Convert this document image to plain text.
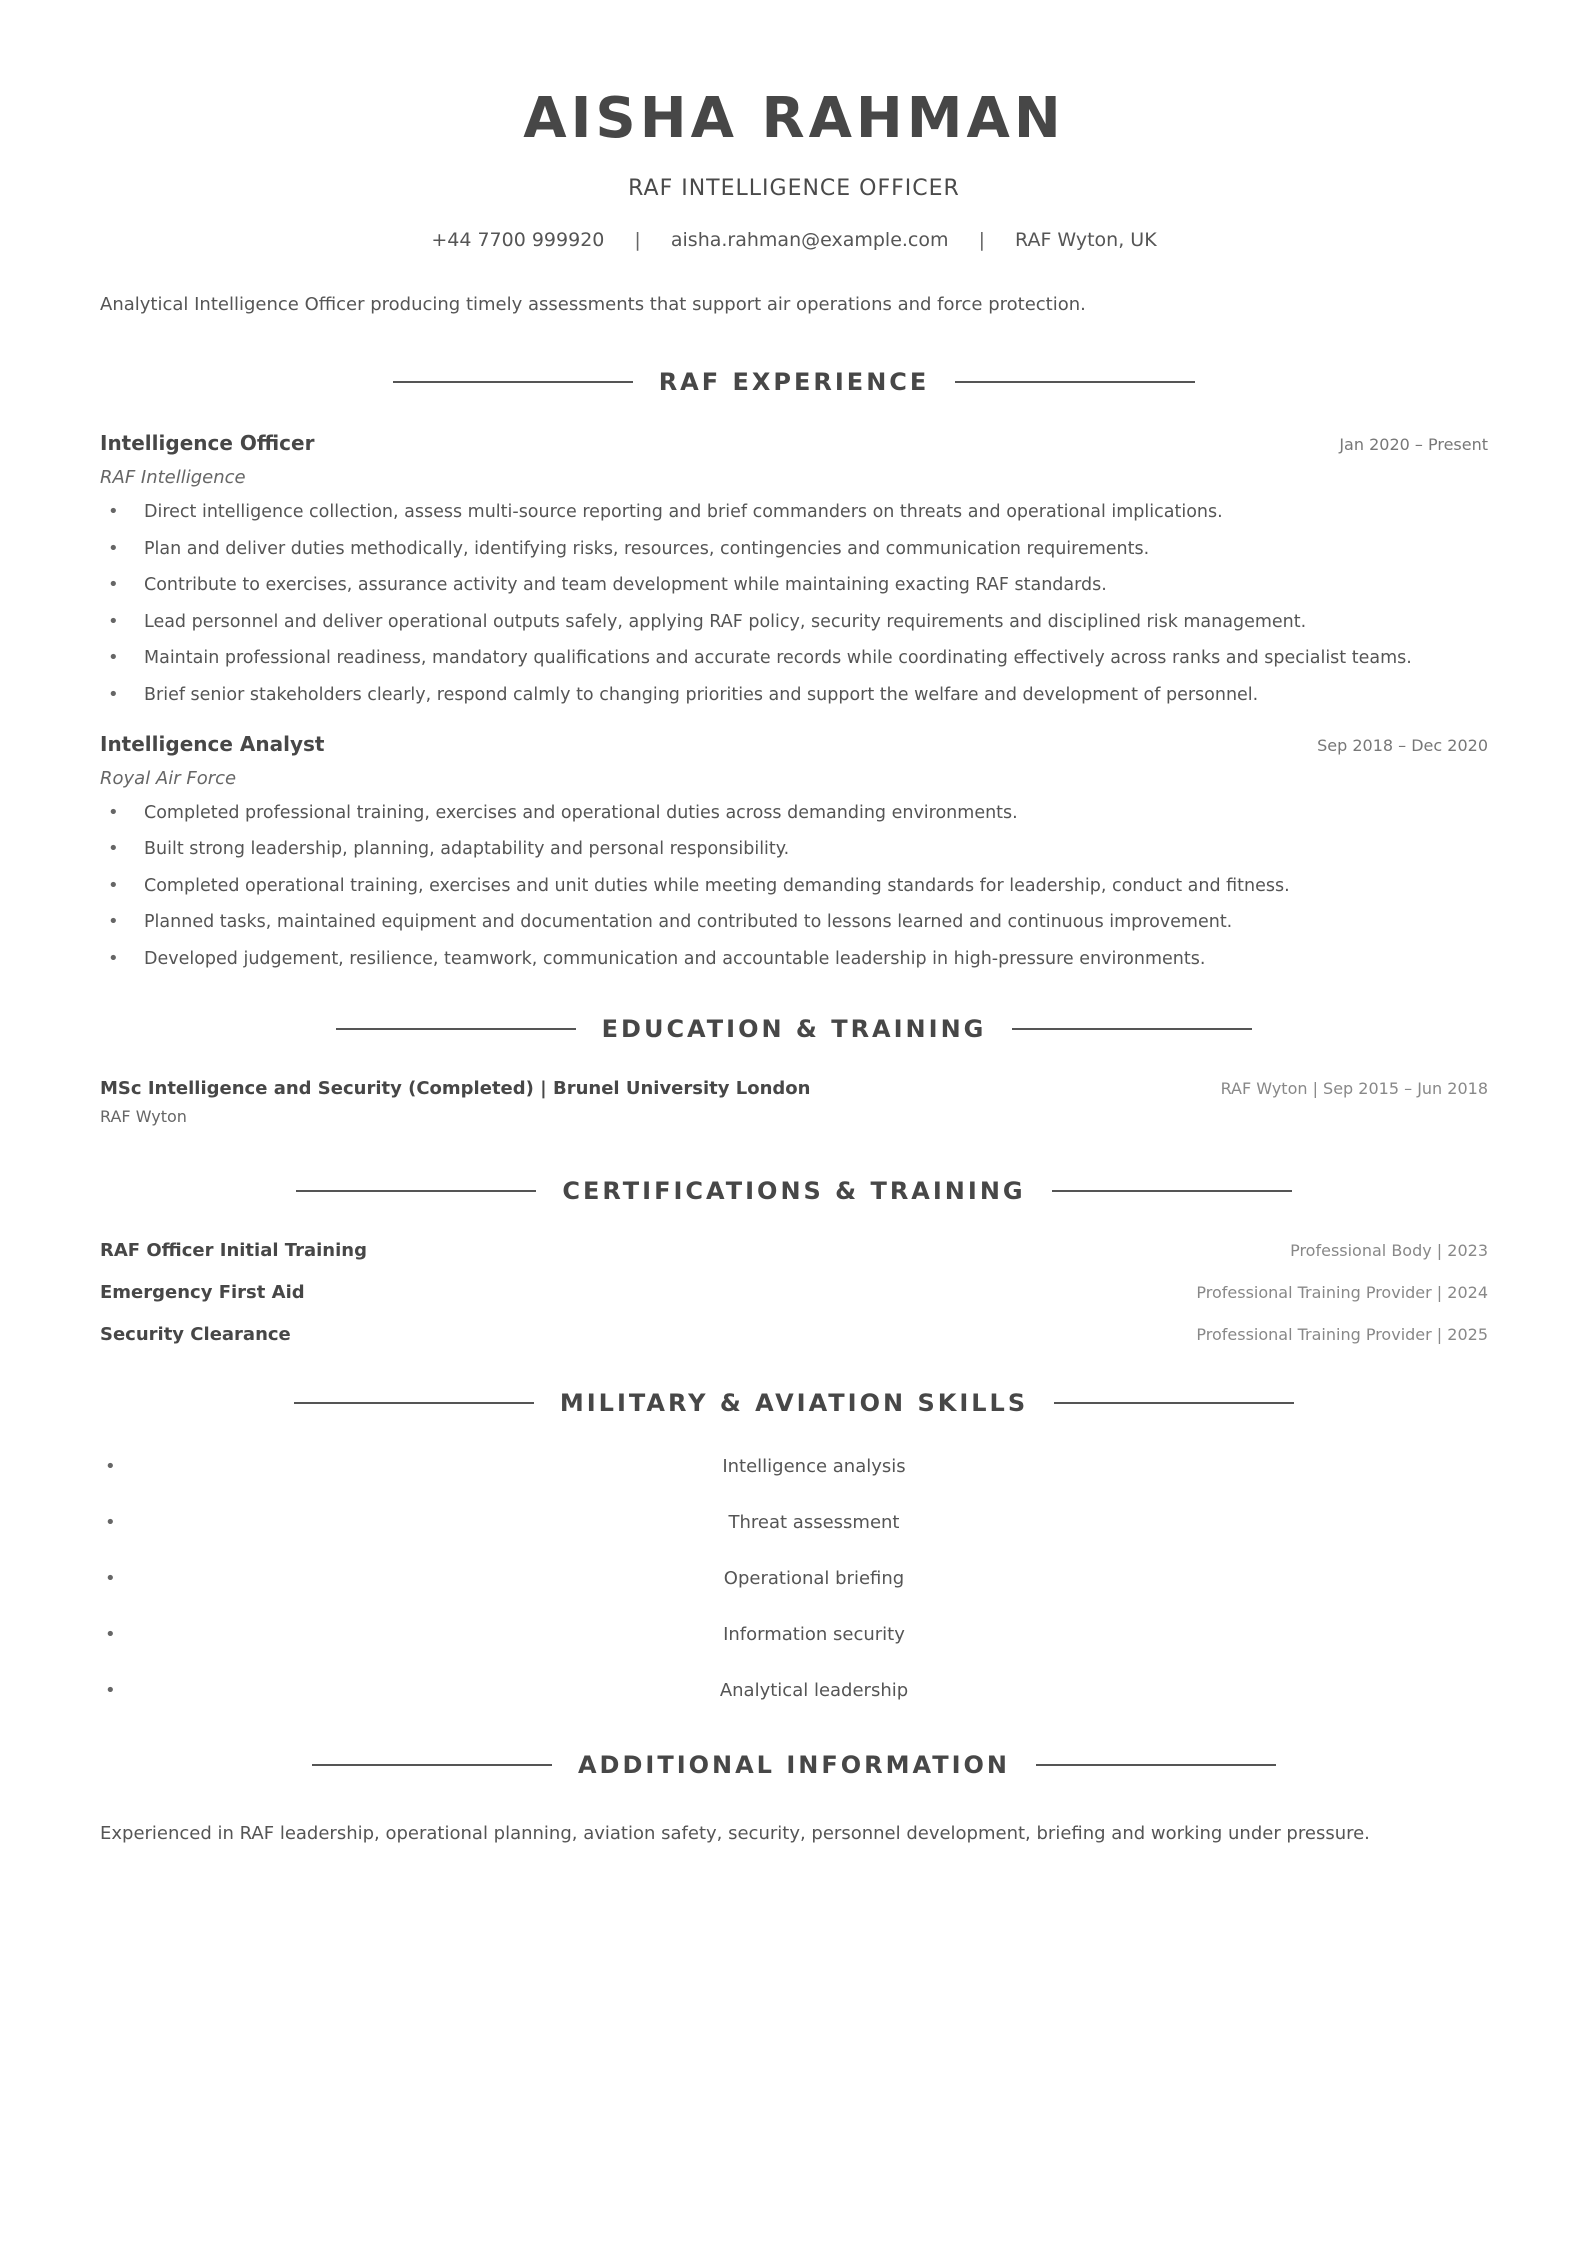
AISHA RAHMAN
RAF INTELLIGENCE OFFICER
+44 7700 999920 | aisha.rahman@example.com | RAF Wyton, UK
Analytical Intelligence Officer producing timely assessments that support air operations and force protection.
RAF EXPERIENCE
Intelligence Officer	Jan 2020 – Present
RAF Intelligence
• Direct intelligence collection, assess multi-source reporting and brief commanders on threats and operational implications.
• Plan and deliver duties methodically, identifying risks, resources, contingencies and communication requirements.
• Contribute to exercises, assurance activity and team development while maintaining exacting RAF standards.
• Lead personnel and deliver operational outputs safely, applying RAF policy, security requirements and disciplined risk management.
• Maintain professional readiness, mandatory qualifications and accurate records while coordinating effectively across ranks and specialist teams.
• Brief senior stakeholders clearly, respond calmly to changing priorities and support the welfare and development of personnel.
Intelligence Analyst	Sep 2018 – Dec 2020
Royal Air Force
• Completed professional training, exercises and operational duties across demanding environments.
• Built strong leadership, planning, adaptability and personal responsibility.
• Completed operational training, exercises and unit duties while meeting demanding standards for leadership, conduct and fitness.
• Planned tasks, maintained equipment and documentation and contributed to lessons learned and continuous improvement.
• Developed judgement, resilience, teamwork, communication and accountable leadership in high-pressure environments.
EDUCATION & TRAINING
MSc Intelligence and Security (Completed) | Brunel University London	RAF Wyton | Sep 2015 – Jun 2018
RAF Wyton
CERTIFICATIONS & TRAINING
RAF Officer Initial Training	Professional Body | 2023
Emergency First Aid	Professional Training Provider | 2024
Security Clearance	Professional Training Provider | 2025
MILITARY & AVIATION SKILLS
• Intelligence analysis
• Threat assessment
• Operational briefing
• Information security
• Analytical leadership
ADDITIONAL INFORMATION
Experienced in RAF leadership, operational planning, aviation safety, security, personnel development, briefing and working under pressure.
